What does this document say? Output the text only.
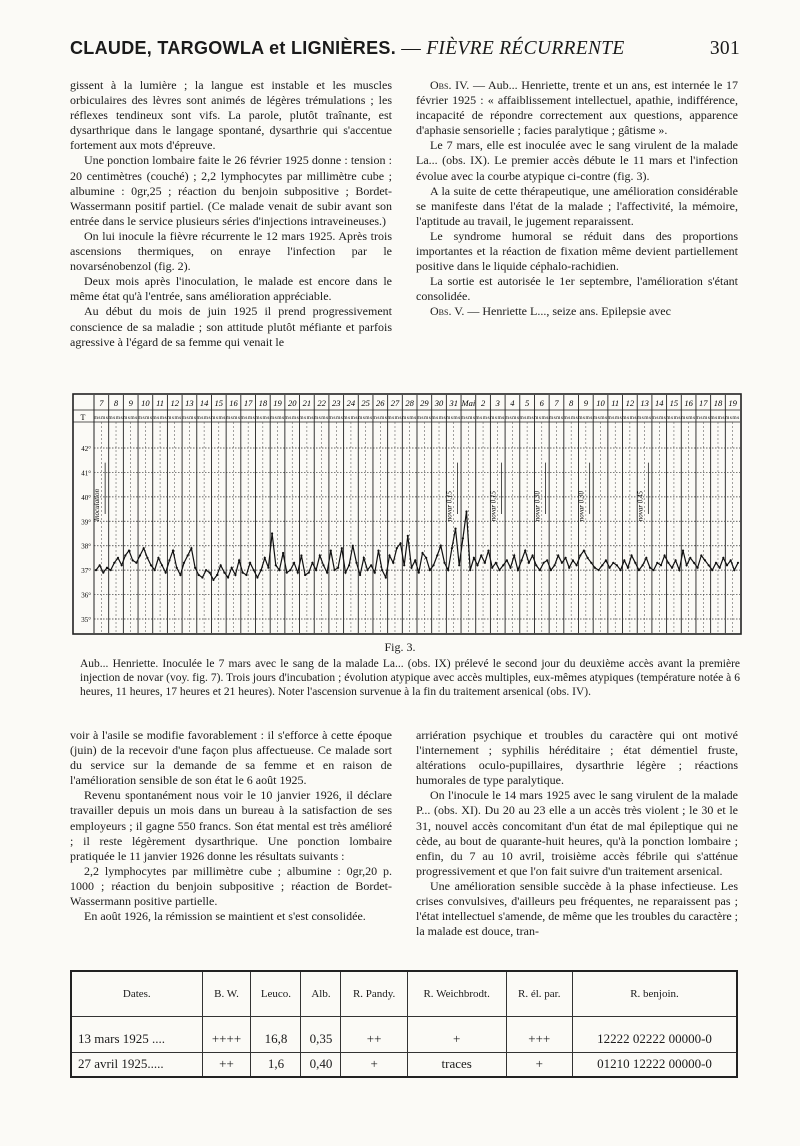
CLAUDE, TARGOWLA et LIGNIÈRES. — FIÈVRE RÉCURRENTE	301

gissent à la lumière ; la langue est instable et les muscles orbiculaires des lèvres sont animés de légères trémulations ; les réflexes tendineux sont vifs. La parole, plutôt traînante, est dysarthrique dans le langage spontané, dysarthrie qui s'accentue fortement aux mots d'épreuve.

Une ponction lombaire faite le 26 février 1925 donne : tension : 20 centimètres (couché) ; 2,2 lymphocytes par millimètre cube ; albumine : 0gr,25 ; réaction du benjoin subpositive ; Bordet-Wassermann positif partiel. (Ce malade venait de subir avant son entrée dans le service plusieurs séries d'injections intraveineuses.)

On lui inocule la fièvre récurrente le 12 mars 1925. Après trois ascensions thermiques, on enraye l'infection par le novarsénobenzol (fig. 2).

Deux mois après l'inoculation, le malade est encore dans le même état qu'à l'entrée, sans amélioration appréciable.

Au début du mois de juin 1925 il prend progressivement conscience de sa maladie ; son attitude plutôt méfiante et parfois agressive à l'égard de sa femme qui venait le

Obs. IV. — Aub... Henriette, trente et un ans, est internée le 17 février 1925 : « affaiblissement intellectuel, apathie, indifférence, incapacité de répondre correctement aux questions, apparence d'aphasie sensorielle ; facies paralytique ; gâtisme ».

Le 7 mars, elle est inoculée avec le sang virulent de la malade La... (obs. IX). Le premier accès débute le 11 mars et l'infection évolue avec la courbe atypique ci-contre (fig. 3).

A la suite de cette thérapeutique, une amélioration considérable se manifeste dans l'état de la malade ; l'affectivité, la mémoire, l'aptitude au travail, le jugement reparaissent.

Le syndrome humoral se réduit dans des proportions importantes et la réaction de fixation même devient partiellement positive dans le liquide céphalo-rachidien.

La sortie est autorisée le 1er septembre, l'amélioration s'étant consolidée.

Obs. V. — Henriette L..., seize ans. Epilepsie avec

T
7
m s m s
8
m s m s
9
m s m s
10
m s m s
11
m s m s
12
m s m s
13
m s m s
14
m s m s
15
m s m s
16
m s m s
17
m s m s
18
m s m s
19
m s m s
20
m s m s
21
m s m s
22
m s m s
23
m s m s
24
m s m s
25
m s m s
26
m s m s
27
m s m s
28
m s m s
29
m s m s
30
m s m s
31
m s m s
Mai
m s m s
2
m s m s
3
m s m s
4
m s m s
5
m s m s
6
m s m s
7
m s m s
8
m s m s
9
m s m s
10
m s m s
11
m s m s
12
m s m s
13
m s m s
14
m s m s
15
m s m s
16
m s m s
17
m s m s
18
m s m s
19
m s m s
42°
41°
40°
39°
38°
37°
36°
35°
Inoculation	novar 0,15	novar 0,15	novar 0,30	novar 0,30	novar 0,45
Fig. 3.

Aub... Henriette. Inoculée le 7 mars avec le sang de la malade La... (obs. IX) prélevé le second jour du deuxième accès avant la première injection de novar (voy. fig. 7). Trois jours d'incubation ; évolution atypique avec accès multiples, eux-mêmes atypiques (température notée à 6 heures, 11 heures, 17 heures et 21 heures). Noter l'ascension survenue à la fin du traitement arsenical (obs. IV).

voir à l'asile se modifie favorablement : il s'efforce à cette époque (juin) de la recevoir d'une façon plus affectueuse. Ce malade sort du service sur la demande de sa femme et en raison de l'amélioration sensible de son état le 6 août 1925.

Revenu spontanément nous voir le 10 janvier 1926, il déclare travailler depuis un mois dans un bureau à la satisfaction de ses employeurs ; il gagne 550 francs. Son état mental est très amélioré ; il reste légèrement dysarthrique. Une ponction lombaire pratiquée le 11 janvier 1926 donne les résultats suivants :

2,2 lymphocytes par millimètre cube ; albumine : 0gr,20 p. 1000 ; réaction du benjoin subpositive ; réaction de Bordet-Wassermann positive partielle.

En août 1926, la rémission se maintient et s'est consolidée.

arriération psychique et troubles du caractère qui ont motivé l'internement ; syphilis héréditaire ; état démentiel fruste, altérations oculo-pupillaires, dysarthrie légère ; réactions humorales de type paralytique.

On l'inocule le 14 mars 1925 avec le sang virulent de la malade P... (obs. XI). Du 20 au 23 elle a un accès très violent ; le 30 et le 31, nouvel accès concomitant d'un état de mal épileptique qui ne cède, au bout de quarante-huit heures, qu'à la ponction lombaire ; enfin, du 7 au 10 avril, troisième accès fébrile qui s'atténue progressivement et que l'on fait suivre d'un traitement arsenical.

Une amélioration sensible succède à la phase infectieuse. Les crises convulsives, d'ailleurs peu fréquentes, ne reparaissent pas ; l'état intellectuel s'amende, de même que les troubles du caractère ; la malade est douce, tran-

Dates.	B. W.	Leuco.	Alb.	R. Pandy.	R. Weichbrodt.	R. él. par.	R. benjoin.
13 mars 1925 ....	++++	16,8	0,35	++	+	+++	12222 02222 00000-0
27 avril 1925.....	++	1,6	0,40	+	traces	+	01210 12222 00000-0
